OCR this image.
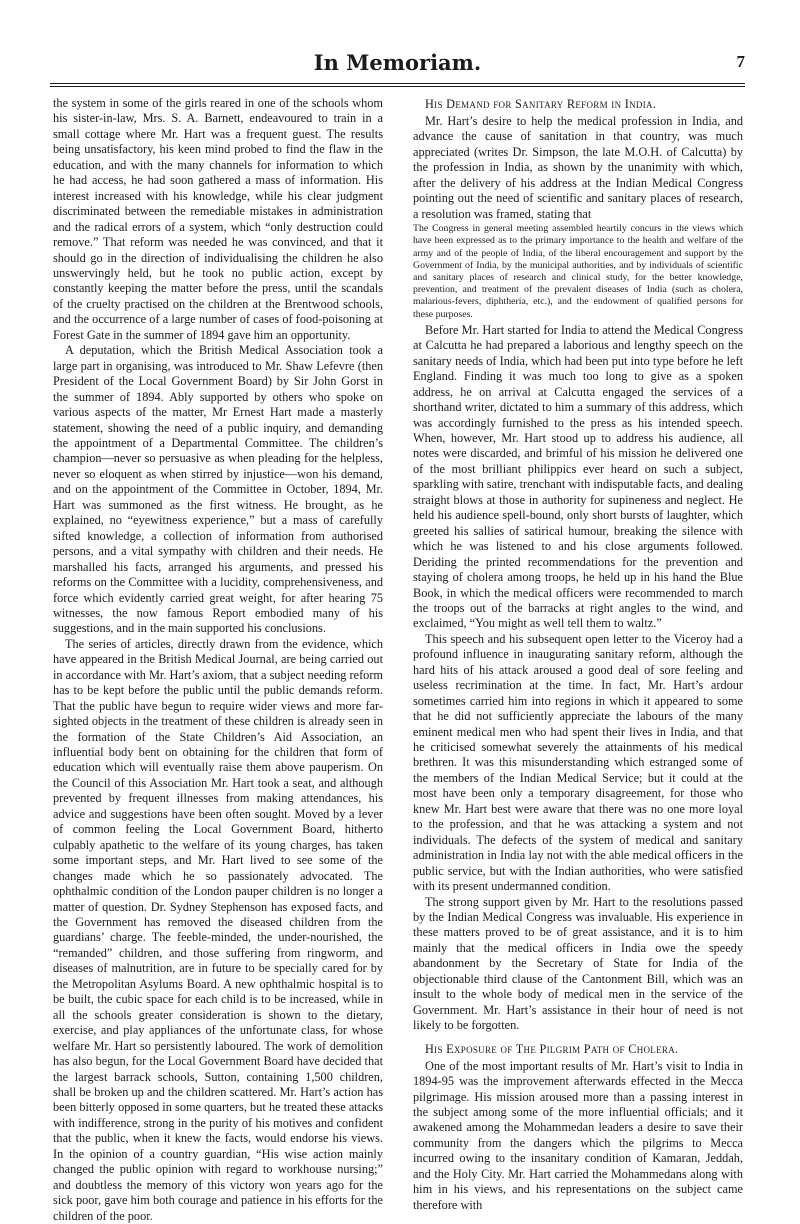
In Memoriam.	7

the system in some of the girls reared in one of the schools whom his sister-in-law, Mrs. S. A. Barnett, endeavoured to train in a small cottage where Mr. Hart was a frequent guest. The results being unsatisfactory, his keen mind probed to find the flaw in the education, and with the many channels for information to which he had access, he had soon gathered a mass of information. His interest increased with his knowledge, while his clear judgment discriminated between the remediable mistakes in administration and the radical errors of a system, which “only destruction could remove.” That reform was needed he was convinced, and that it should go in the direction of individualising the children he also unswervingly held, but he took no public action, except by constantly keeping the matter before the press, until the scandals of the cruelty practised on the children at the Brentwood schools, and the occurrence of a large number of cases of food-poisoning at Forest Gate in the summer of 1894 gave him an opportunity.

A deputation, which the British Medical Association took a large part in organising, was introduced to Mr. Shaw Lefevre (then President of the Local Government Board) by Sir John Gorst in the summer of 1894. Ably supported by others who spoke on various aspects of the matter, Mr Ernest Hart made a masterly statement, showing the need of a public inquiry, and demanding the appointment of a Departmental Committee. The children’s champion—never so persuasive as when pleading for the helpless, never so eloquent as when stirred by injustice—won his demand, and on the appointment of the Committee in October, 1894, Mr. Hart was summoned as the first witness. He brought, as he explained, no “eyewitness experience,” but a mass of carefully sifted knowledge, a collection of information from authorised persons, and a vital sympathy with children and their needs. He marshalled his facts, arranged his arguments, and pressed his reforms on the Committee with a lucidity, comprehensiveness, and force which evidently carried great weight, for after hearing 75 witnesses, the now famous Report embodied many of his suggestions, and in the main supported his conclusions.

The series of articles, directly drawn from the evidence, which have appeared in the British Medical Journal, are being carried out in accordance with Mr. Hart’s axiom, that a subject needing reform has to be kept before the public until the public demands reform. That the public have begun to require wider views and more far-sighted objects in the treatment of these children is already seen in the formation of the State Children’s Aid Association, an influential body bent on obtaining for the children that form of education which will eventually raise them above pauperism. On the Council of this Association Mr. Hart took a seat, and although prevented by frequent illnesses from making attendances, his advice and suggestions have been often sought. Moved by a lever of common feeling the Local Government Board, hitherto culpably apathetic to the welfare of its young charges, has taken some important steps, and Mr. Hart lived to see some of the changes made which he so passionately advocated. The ophthalmic condition of the London pauper children is no longer a matter of question. Dr. Sydney Stephenson has exposed facts, and the Government has removed the diseased children from the guardians’ charge. The feeble-minded, the under-nourished, the “remanded” children, and those suffering from ringworm, and diseases of malnutrition, are in future to be specially cared for by the Metropolitan Asylums Board. A new ophthalmic hospital is to be built, the cubic space for each child is to be increased, while in all the schools greater consideration is shown to the dietary, exercise, and play appliances of the unfortunate class, for whose welfare Mr. Hart so persistently laboured. The work of demolition has also begun, for the Local Government Board have decided that the largest barrack schools, Sutton, containing 1,500 children, shall be broken up and the children scattered. Mr. Hart’s action has been bitterly opposed in some quarters, but he treated these attacks with indifference, strong in the purity of his motives and confident that the public, when it knew the facts, would endorse his views. In the opinion of a country guardian, “His wise action mainly changed the public opinion with regard to workhouse nursing;” and doubtless the memory of this victory won years ago for the sick poor, gave him both courage and patience in his efforts for the children of the poor.

His Demand for Sanitary Reform in India.

Mr. Hart’s desire to help the medical profession in India, and advance the cause of sanitation in that country, was much appreciated (writes Dr. Simpson, the late M.O.H. of Calcutta) by the profession in India, as shown by the unanimity with which, after the delivery of his address at the Indian Medical Congress pointing out the need of scientific and sanitary places of research, a resolution was framed, stating that

The Congress in general meeting assembled heartily concurs in the views which have been expressed as to the primary importance to the health and welfare of the army and of the people of India, of the liberal encouragement and support by the Government of India, by the municipal authorities, and by individuals of scientific and sanitary places of research and clinical study, for the better knowledge, prevention, and treatment of the prevalent diseases of India (such as cholera, malarious-fevers, diphtheria, etc.), and the endowment of qualified persons for these purposes.

Before Mr. Hart started for India to attend the Medical Congress at Calcutta he had prepared a laborious and lengthy speech on the sanitary needs of India, which had been put into type before he left England. Finding it was much too long to give as a spoken address, he on arrival at Calcutta engaged the services of a shorthand writer, dictated to him a summary of this address, which was accordingly furnished to the press as his intended speech. When, however, Mr. Hart stood up to address his audience, all notes were discarded, and brimful of his mission he delivered one of the most brilliant philippics ever heard on such a subject, sparkling with satire, trenchant with indisputable facts, and dealing straight blows at those in authority for supineness and neglect. He held his audience spell-bound, only short bursts of laughter, which greeted his sallies of satirical humour, breaking the silence with which he was listened to and his close arguments followed. Deriding the printed recommendations for the prevention and staying of cholera among troops, he held up in his hand the Blue Book, in which the medical officers were recommended to march the troops out of the barracks at right angles to the wind, and exclaimed, “You might as well tell them to waltz.”

This speech and his subsequent open letter to the Viceroy had a profound influence in inaugurating sanitary reform, although the hard hits of his attack aroused a good deal of sore feeling and useless recrimination at the time. In fact, Mr. Hart’s ardour sometimes carried him into regions in which it appeared to some that he did not sufficiently appreciate the labours of the many eminent medical men who had spent their lives in India, and that he criticised somewhat severely the attainments of his medical brethren. It was this misunderstanding which estranged some of the members of the Indian Medical Service; but it could at the most have been only a temporary disagreement, for those who knew Mr. Hart best were aware that there was no one more loyal to the profession, and that he was attacking a system and not individuals. The defects of the system of medical and sanitary administration in India lay not with the able medical officers in the public service, but with the Indian authorities, who were satisfied with its present undermanned condition.

The strong support given by Mr. Hart to the resolutions passed by the Indian Medical Congress was invaluable. His experience in these matters proved to be of great assistance, and it is to him mainly that the medical officers in India owe the speedy abandonment by the Secretary of State for India of the objectionable third clause of the Cantonment Bill, which was an insult to the whole body of medical men in the service of the Government. Mr. Hart’s assistance in their hour of need is not likely to be forgotten.

His Exposure of The Pilgrim Path of Cholera.

One of the most important results of Mr. Hart’s visit to India in 1894-95 was the improvement afterwards effected in the Mecca pilgrimage. His mission aroused more than a passing interest in the subject among some of the more influential officials; and it awakened among the Mohammedan leaders a desire to save their community from the dangers which the pilgrims to Mecca incurred owing to the insanitary condition of Kamaran, Jeddah, and the Holy City. Mr. Hart carried the Mohammedans along with him in his views, and his representations on the subject came therefore with
